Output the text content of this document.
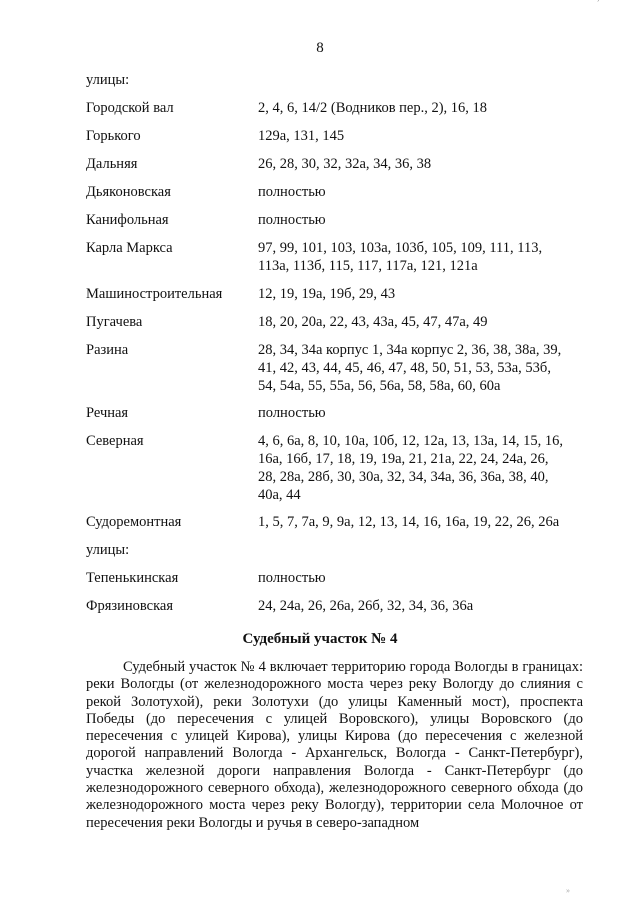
8
’
улицы:
Городской вал	2, 4, 6, 14/2 (Водников пер., 2), 16, 18
Горького	129а, 131, 145
Дальняя	26, 28, 30, 32, 32а, 34, 36, 38
Дьяконовская	полностью
Канифольная	полностью
Карла Маркса	97, 99, 101, 103, 103а, 103б, 105, 109, 111, 113,
113а, 113б, 115, 117, 117а, 121, 121а
Машиностроительная 12, 19, 19а, 19б, 29, 43
Пугачева	18, 20, 20а, 22, 43, 43а, 45, 47, 47а, 49
Разина	28, 34, 34а корпус 1, 34а корпус 2, 36, 38, 38а, 39,
41, 42, 43, 44, 45, 46, 47, 48, 50, 51, 53, 53а, 53б,
54, 54а, 55, 55а, 56, 56а, 58, 58а, 60, 60а
Речная	полностью
Северная	4, 6, 6а, 8, 10, 10а, 10б, 12, 12а, 13, 13а, 14, 15, 16,
16а, 16б, 17, 18, 19, 19а, 21, 21а, 22, 24, 24а, 26,
28, 28а, 28б, 30, 30а, 32, 34, 34а, 36, 36а, 38, 40,
40а, 44
Судоремонтная	1, 5, 7, 7а, 9, 9а, 12, 13, 14, 16, 16а, 19, 22, 26, 26а
улицы:
Тепенькинская	полностью
Фрязиновская	24, 24а, 26, 26а, 26б, 32, 34, 36, 36а
Судебный участок № 4
Судебный участок № 4 включает территорию города Вологды в границах: реки Вологды (от железнодорожного моста через реку Вологду до слияния с рекой Золотухой), реки Золотухи (до улицы Каменный мост), проспекта Победы (до пересечения с улицей Воровского), улицы Воровского (до пересечения с улицей Кирова), улицы Кирова (до пересечения с железной дорогой направлений Вологда - Архангельск, Вологда - Санкт-Петербург), участка железной дороги направления Вологда - Санкт-Петербург (до железнодорожного северного обхода), железнодорожного северного обхода (до железнодорожного моста через реку Вологду), территории села Молочное от пересечения реки Вологды и ручья в северо-западном
»
